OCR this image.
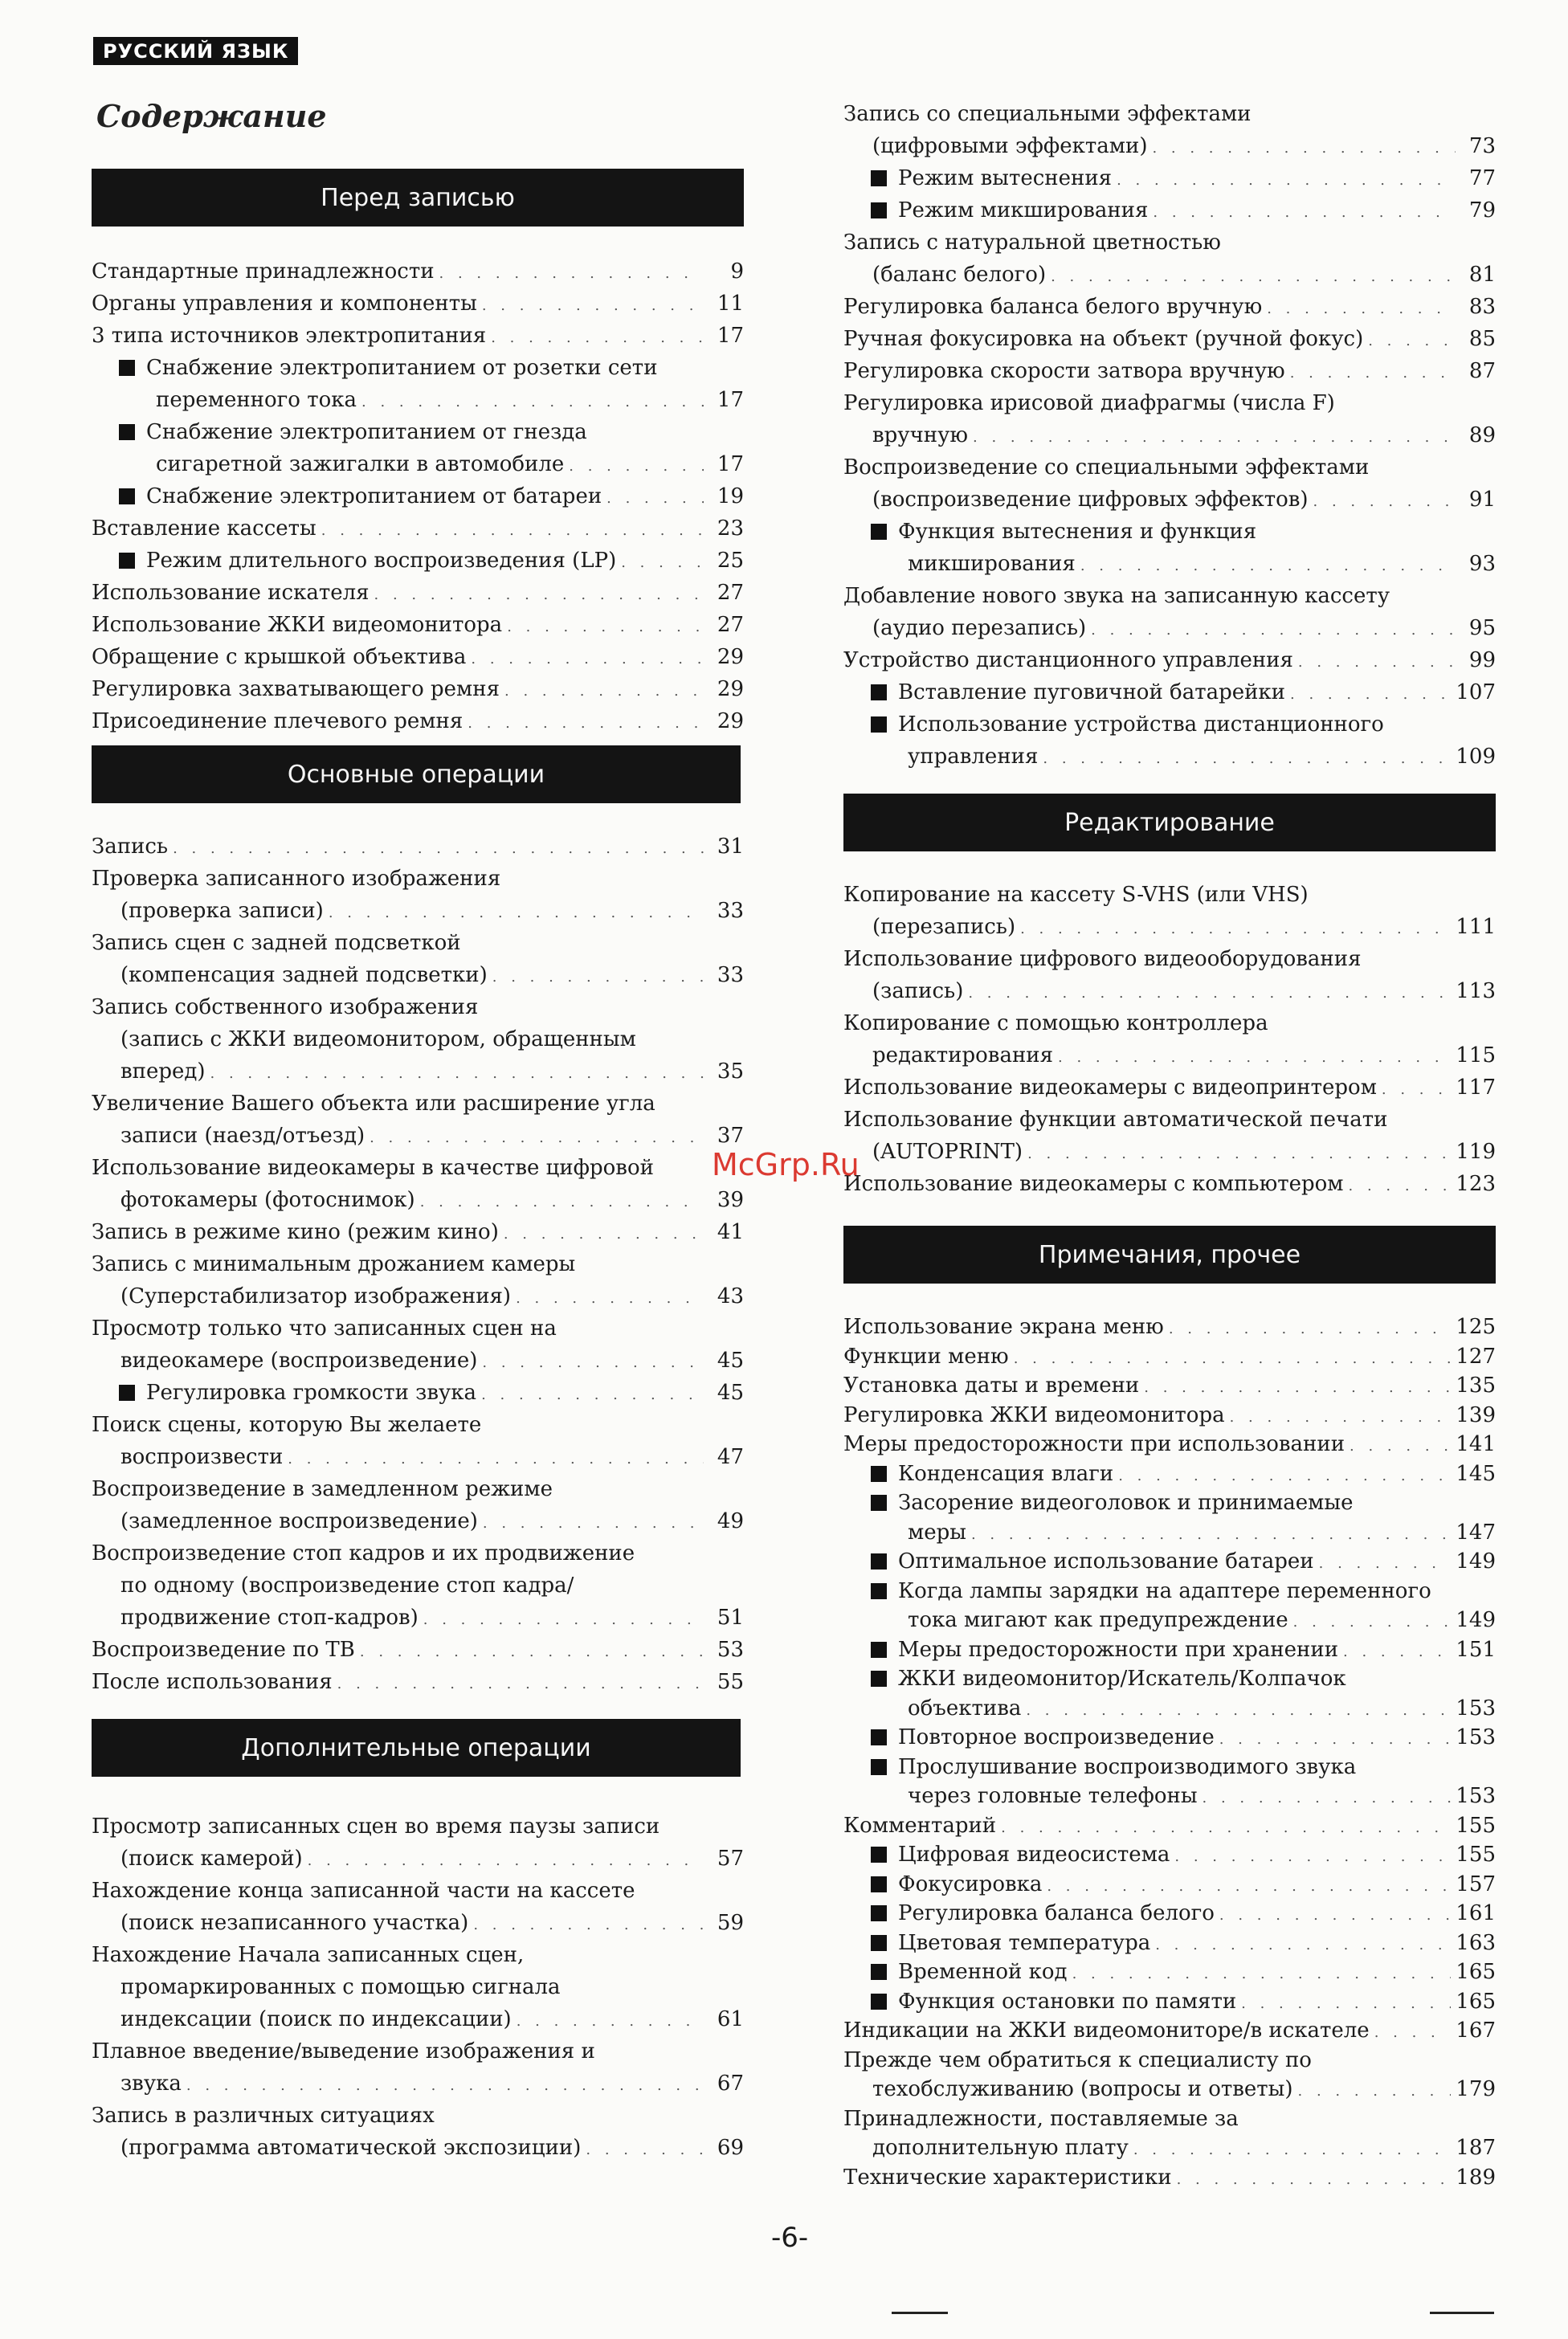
РУССКИЙ ЯЗЫК
Содержание
Перед записью
Стандартные принадлежности . . .	9
Органы управления и компоненты . . .	11
3 типа источников электропитания . . .	17
Снабжение электропитанием от розетки сети
переменного тока . . .	17
Снабжение электропитанием от гнезда
сигаретной зажигалки в автомобиле . . .	17
Снабжение электропитанием от батареи . . .	19
Вставление кассеты . . .	23
Режим длительного воспроизведения (LP) . . .	25
Использование искателя . . .	27
Использование ЖКИ видеомонитора . . .	27
Обращение с крышкой объектива . . .	29
Регулировка захватывающего ремня . . .	29
Присоединение плечевого ремня . . .	29
Основные операции
Запись . . .	31
Проверка записанного изображения
(проверка записи) . . .	33
Запись сцен с задней подсветкой
(компенсация задней подсветки) . . .	33
Запись собственного изображения
(запись с ЖКИ видеомонитором, обращенным
вперед) . . .	35
Увеличение Вашего объекта или расширение угла
записи (наезд/отъезд) . . .	37
Использование видеокамеры в качестве цифровой
фотокамеры (фотоснимок) . . .	39
Запись в режиме кино (режим кино) . . .	41
Запись с минимальным дрожанием камеры
(Суперстабилизатор изображения) . . .	43
Просмотр только что записанных сцен на
видеокамере (воспроизведение) . . .	45
Регулировка громкости звука . . .	45
Поиск сцены, которую Вы желаете
воспроизвести . . .	47
Воспроизведение в замедленном режиме
(замедленное воспроизведение) . . .	49
Воспроизведение стоп кадров и их продвижение
по одному (воспроизведение стоп кадра/
продвижение стоп-кадров) . . .	51
Воспроизведение по ТВ . . .	53
После использования . . .	55
Дополнительные операции
Просмотр записанных сцен во время паузы записи
(поиск камерой) . . .	57
Нахождение конца записанной части на кассете
(поиск незаписанного участка) . . .	59
Нахождение Начала записанных сцен,
промаркированных с помощью сигнала
индексации (поиск по индексации) . . .	61
Плавное введение/выведение изображения и
звука . . .	67
Запись в различных ситуациях
(программа автоматической экспозиции) . . .	69
Запись со специальными эффектами
(цифровыми эффектами) . . .	73
Режим вытеснения . . .	77
Режим микширования . . .	79
Запись с натуральной цветностью
(баланс белого) . . .	81
Регулировка баланса белого вручную . . .	83
Ручная фокусировка на объект (ручной фокус) . . .	85
Регулировка скорости затвора вручную . . .	87
Регулировка ирисовой диафрагмы (числа F)
вручную . . .	89
Воспроизведение со специальными эффектами
(воспроизведение цифровых эффектов) . . .	91
Функция вытеснения и функция
микширования . . .	93
Добавление нового звука на записанную кассету
(аудио перезапись) . . .	95
Устройство дистанционного управления . . .	99
Вставление пуговичной батарейки . . .	107
Использование устройства дистанционного
управления . . .	109
Редактирование
Копирование на кассету S-VHS (или VHS)
(перезапись) . . .	111
Использование цифрового видеооборудования
(запись) . . .	113
Копирование с помощью контроллера
редактирования . . .	115
Использование видеокамеры с видеопринтером . . .	117
Использование функции автоматической печати
(AUTOPRINT) . . .	119
Использование видеокамеры с компьютером . . .	123
Примечания, прочее
Использование экрана меню . . .	125
Функции меню . . .	127
Установка даты и времени . . .	135
Регулировка ЖКИ видеомонитора . . .	139
Меры предосторожности при использовании . . .	141
Конденсация влаги . . .	145
Засорение видеоголовок и принимаемые
меры . . .	147
Оптимальное использование батареи . . .	149
Когда лампы зарядки на адаптере переменного
тока мигают как предупреждение . . .	149
Меры предосторожности при хранении . . .	151
ЖКИ видеомонитор/Искатель/Колпачок
объектива . . .	153
Повторное воспроизведение . . .	153
Прослушивание воспроизводимого звука
через головные телефоны . . .	153
Комментарий . . .	155
Цифровая видеосистема . . .	155
Фокусировка . . .	157
Регулировка баланса белого . . .	161
Цветовая температура . . .	163
Временной код . . .	165
Функция остановки по памяти . . .	165
Индикации на ЖКИ видеомониторе/в искателе . . .	167
Прежде чем обратиться к специалисту по
техобслуживанию (вопросы и ответы) . . .	179
Принадлежности, поставляемые за
дополнительную плату . . .	187
Технические характеристики . . .	189
McGrp.Ru
-6-
